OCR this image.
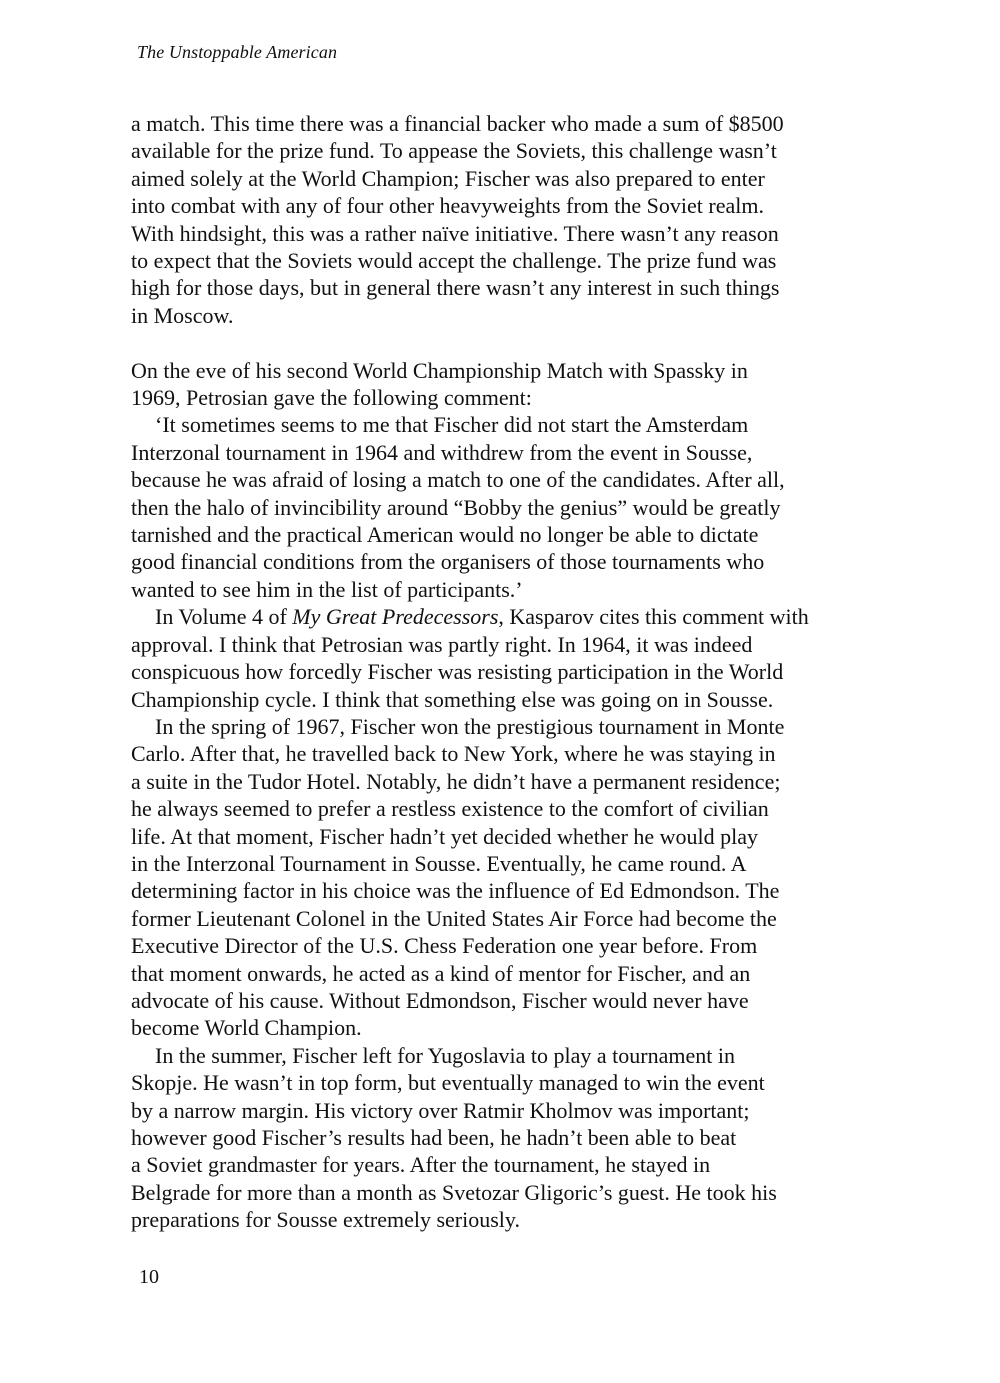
The Unstoppable American
a match. This time there was a financial backer who made a sum of $8500
available for the prize fund. To appease the Soviets, this challenge wasn’t
aimed solely at the World Champion; Fischer was also prepared to enter
into combat with any of four other heavyweights from the Soviet realm.
With hindsight, this was a rather naïve initiative. There wasn’t any reason
to expect that the Soviets would accept the challenge. The prize fund was
high for those days, but in general there wasn’t any interest in such things
in Moscow.
On the eve of his second World Championship Match with Spassky in
1969, Petrosian gave the following comment:
‘It sometimes seems to me that Fischer did not start the Amsterdam
Interzonal tournament in 1964 and withdrew from the event in Sousse,
because he was afraid of losing a match to one of the candidates. After all,
then the halo of invincibility around “Bobby the genius” would be greatly
tarnished and the practical American would no longer be able to dictate
good financial conditions from the organisers of those tournaments who
wanted to see him in the list of participants.’
In Volume 4 of My Great Predecessors, Kasparov cites this comment with
approval. I think that Petrosian was partly right. In 1964, it was indeed
conspicuous how forcedly Fischer was resisting participation in the World
Championship cycle. I think that something else was going on in Sousse.
In the spring of 1967, Fischer won the prestigious tournament in Monte
Carlo. After that, he travelled back to New York, where he was staying in
a suite in the Tudor Hotel. Notably, he didn’t have a permanent residence;
he always seemed to prefer a restless existence to the comfort of civilian
life. At that moment, Fischer hadn’t yet decided whether he would play
in the Interzonal Tournament in Sousse. Eventually, he came round. A
determining factor in his choice was the influence of Ed Edmondson. The
former Lieutenant Colonel in the United States Air Force had become the
Executive Director of the U.S. Chess Federation one year before. From
that moment onwards, he acted as a kind of mentor for Fischer, and an
advocate of his cause. Without Edmondson, Fischer would never have
become World Champion.
In the summer, Fischer left for Yugoslavia to play a tournament in
Skopje. He wasn’t in top form, but eventually managed to win the event
by a narrow margin. His victory over Ratmir Kholmov was important;
however good Fischer’s results had been, he hadn’t been able to beat
a Soviet grandmaster for years. After the tournament, he stayed in
Belgrade for more than a month as Svetozar Gligoric’s guest. He took his
preparations for Sousse extremely seriously.
10
